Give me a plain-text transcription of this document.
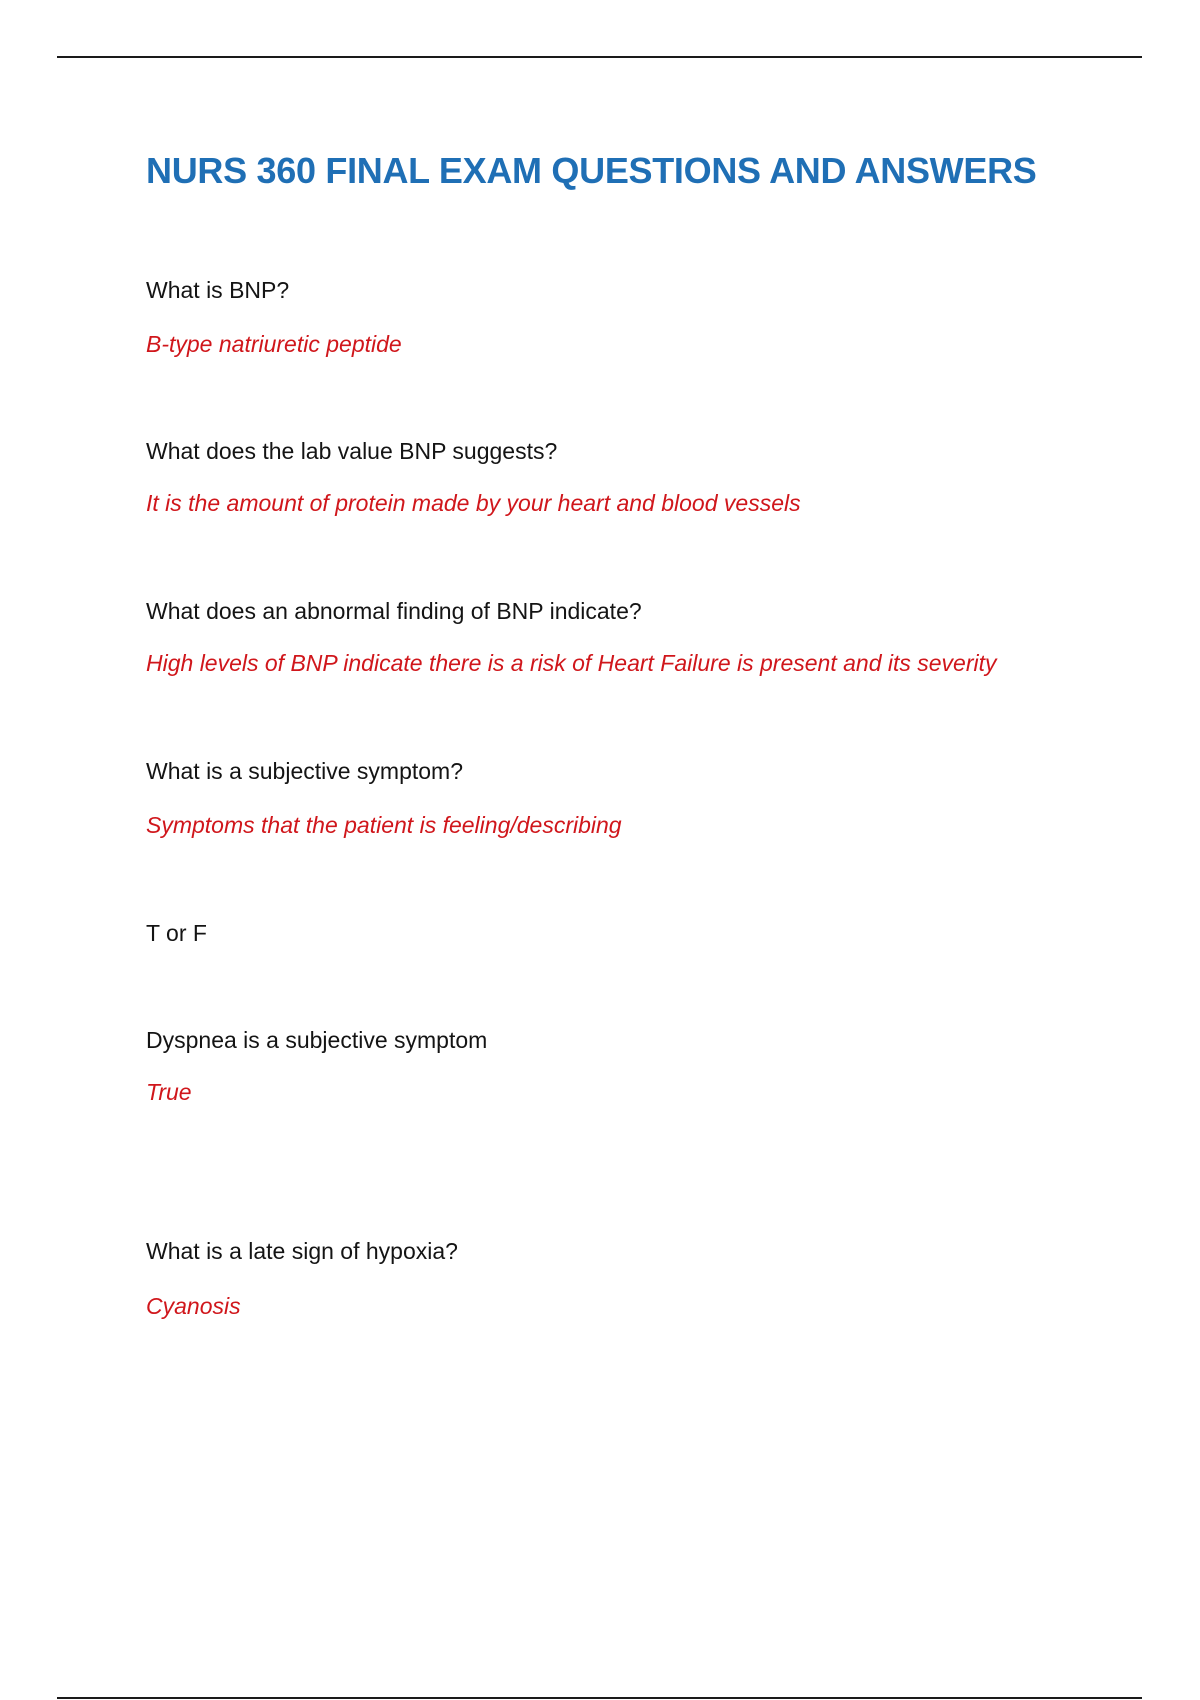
NURS 360 FINAL EXAM QUESTIONS AND ANSWERS

What is BNP?

B-type natriuretic peptide

What does the lab value BNP suggests?

It is the amount of protein made by your heart and blood vessels

What does an abnormal finding of BNP indicate?

High levels of BNP indicate there is a risk of Heart Failure is present and its severity

What is a subjective symptom?

Symptoms that the patient is feeling/describing

T or F

Dyspnea is a subjective symptom

True

What is a late sign of hypoxia?

Cyanosis
